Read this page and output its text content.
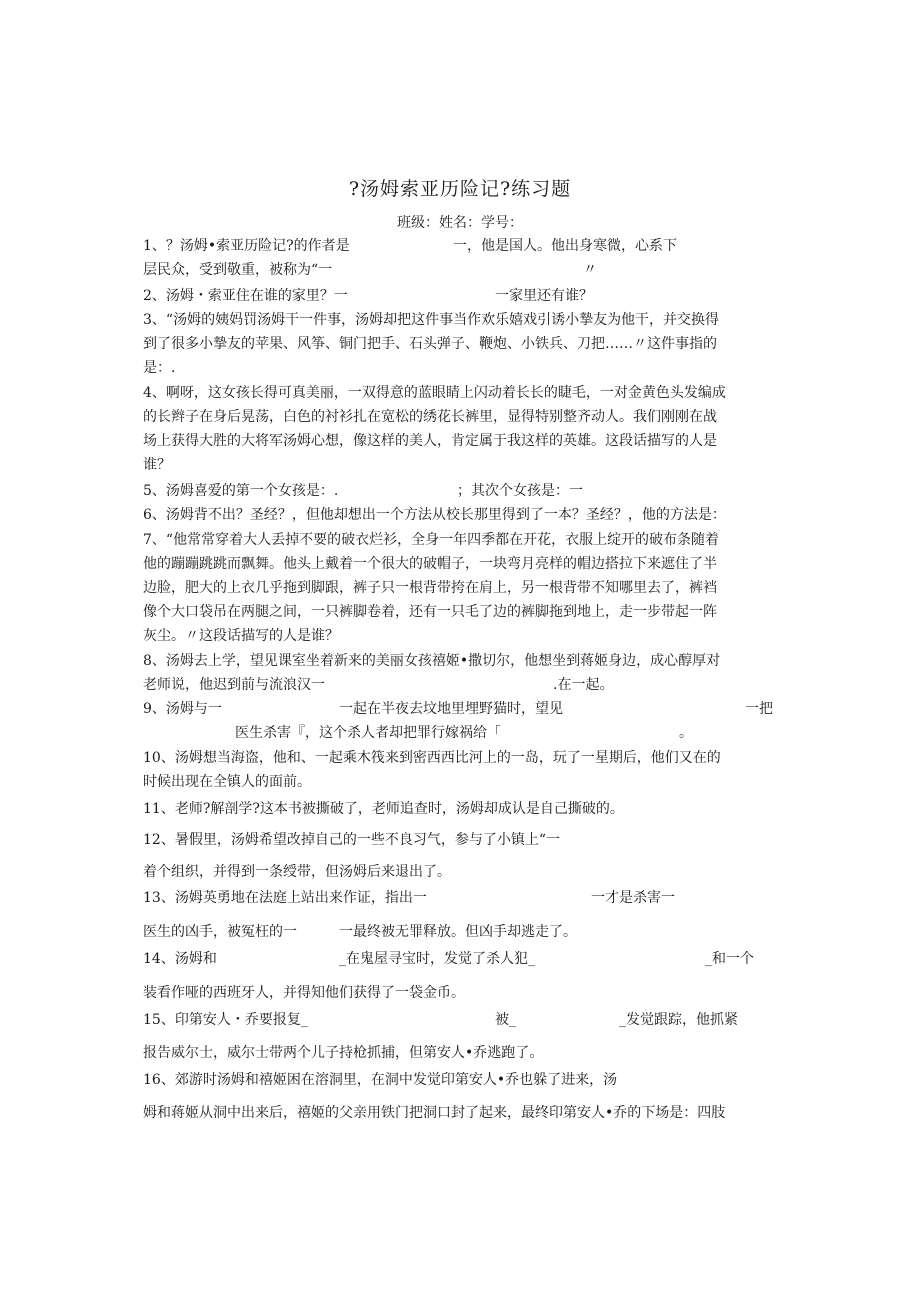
?汤姆索亚历险记?练习题
班级：姓名：学号：
1、？汤姆•索亚历险记?的作者是	一，他是国人。他出身寒微，心系下
层民众，受到敬重，被称为“一	〃
2、汤姆・索亚住在谁的家里？一	一家里还有谁？
3、“汤姆的姨妈罚汤姆干一件事，汤姆却把这件事当作欢乐嬉戏引诱小摯友为他干，并交换得
到了很多小摯友的苹果、风筝、铜门把手、石头弹子、鞭炮、小铁兵、刀把……〃这件事指的
是：.
4、啊呀，这女孩长得可真美丽，一双得意的蓝眼睛上闪动着长长的睫毛，一对金黄色头发编成
的长辫子在身后晃荡，白色的衬衫扎在宽松的绣花长裤里，显得特别整齐动人。我们刚刚在战
场上获得大胜的大将军汤姆心想，像这样的美人，肯定属于我这样的英雄。这段话描写的人是
谁？
5、汤姆喜爱的第一个女孩是：.	；其次个女孩是：一
6、汤姆背不出？圣经？，但他却想出一个方法从校长那里得到了一本？圣经？，他的方法是：
7、“他常常穿着大人丢掉不要的破衣烂衫，全身一年四季都在开花，衣服上绽开的破布条随着
他的蹦蹦跳跳而飘舞。他头上戴着一个很大的破帽子，一块弯月亮样的帽边搭拉下来遮住了半
边脸，肥大的上衣几乎拖到脚跟，裤子只一根背带挎在肩上，另一根背带不知哪里去了，裤裆
像个大口袋吊在两腿之间，一只裤脚卷着，还有一只毛了边的裤脚拖到地上，走一步带起一阵
灰尘。〃这段话描写的人是谁？
8、汤姆去上学，望见课室坐着新来的美丽女孩禧姬•撒切尔，他想坐到蒋姬身边，成心醇厚对
老师说，他迟到前与流浪汉一	.在一起。
9、汤姆与一	一起在半夜去坟地里埋野猫时，望见	一把
医生杀害『，这个杀人者却把罪行嫁祸给「	。
10、汤姆想当海盗，他和、一起乘木筏来到密西西比河上的一岛，玩了一星期后，他们又在的
时候出现在全镇人的面前。
11、老师?解剖学?这本书被撕破了，老师追查时，汤姆却成认是自己撕破的。
12、暑假里，汤姆希望改掉自己的一些不良习气，参与了小镇上“一
着个组织，并得到一条绶带，但汤姆后来退出了。
13、汤姆英勇地在法庭上站出来作证，指出一	一才是杀害一
医生的凶手，被冤枉的一　　　一最终被无罪释放。但凶手却逃走了。
14、汤姆和	_在鬼屋寻宝时，发觉了杀人犯_	_和一个
装看作哑的西班牙人，并得知他们获得了一袋金币。
15、印第安人・乔要报复_	被_	_发觉跟踪，他抓紧
报告威尔士，威尔士带两个儿子持枪抓捕，但第安人•乔逃跑了。
16、郊游时汤姆和禧姬困在溶洞里，在洞中发觉印第安人•乔也躲了进来，汤
姆和蒋姬从洞中出来后，禧姬的父亲用铁门把洞口封了起来，最终印第安人•乔的下场是：四肢
